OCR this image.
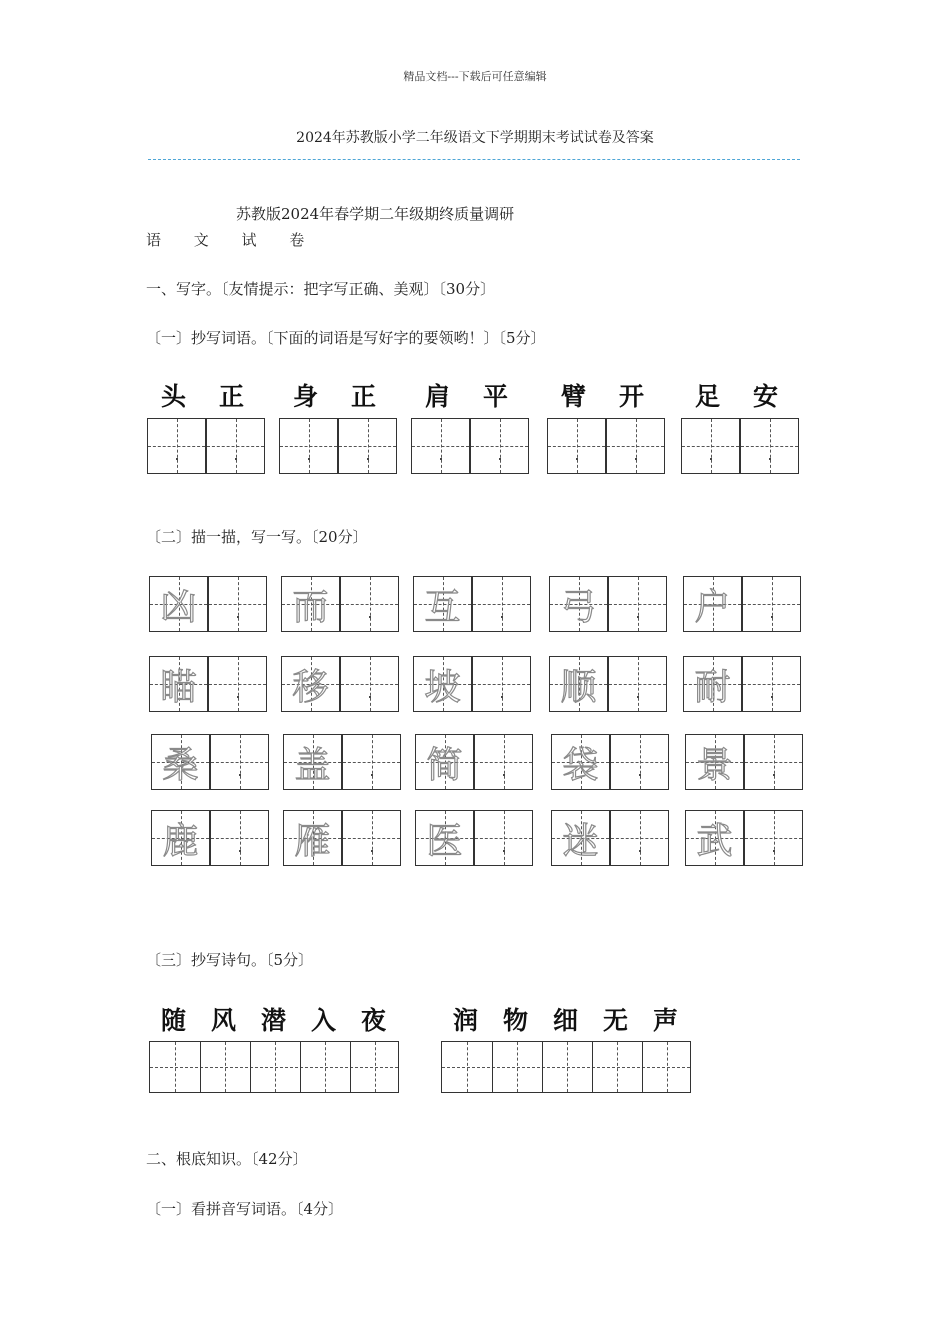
精品文档---下载后可任意编辑
2024年苏教版小学二年级语文下学期期末考试试卷及答案
苏教版2024年春学期二年级期终质量调研
语 文 试 卷
一、写字。〔友情提示：把字写正确、美观〕〔30分〕
〔一〕抄写词语。〔下面的词语是写好字的要领哟！〕〔5分〕
〔二〕描一描，写一写。〔20分〕
〔三〕抄写诗句。〔5分〕
二、根底知识。〔42分〕
〔一〕看拼音写词语。〔4分〕
头 正 身 正 肩 平 臂 开 足 安
凶	而	互	弓	户
瞄	移	坡	顺	耐
桑	盖	简	袋	景
鹿	雁	医	迷	武
随 风 潜 入 夜	润 物 细 无 声
